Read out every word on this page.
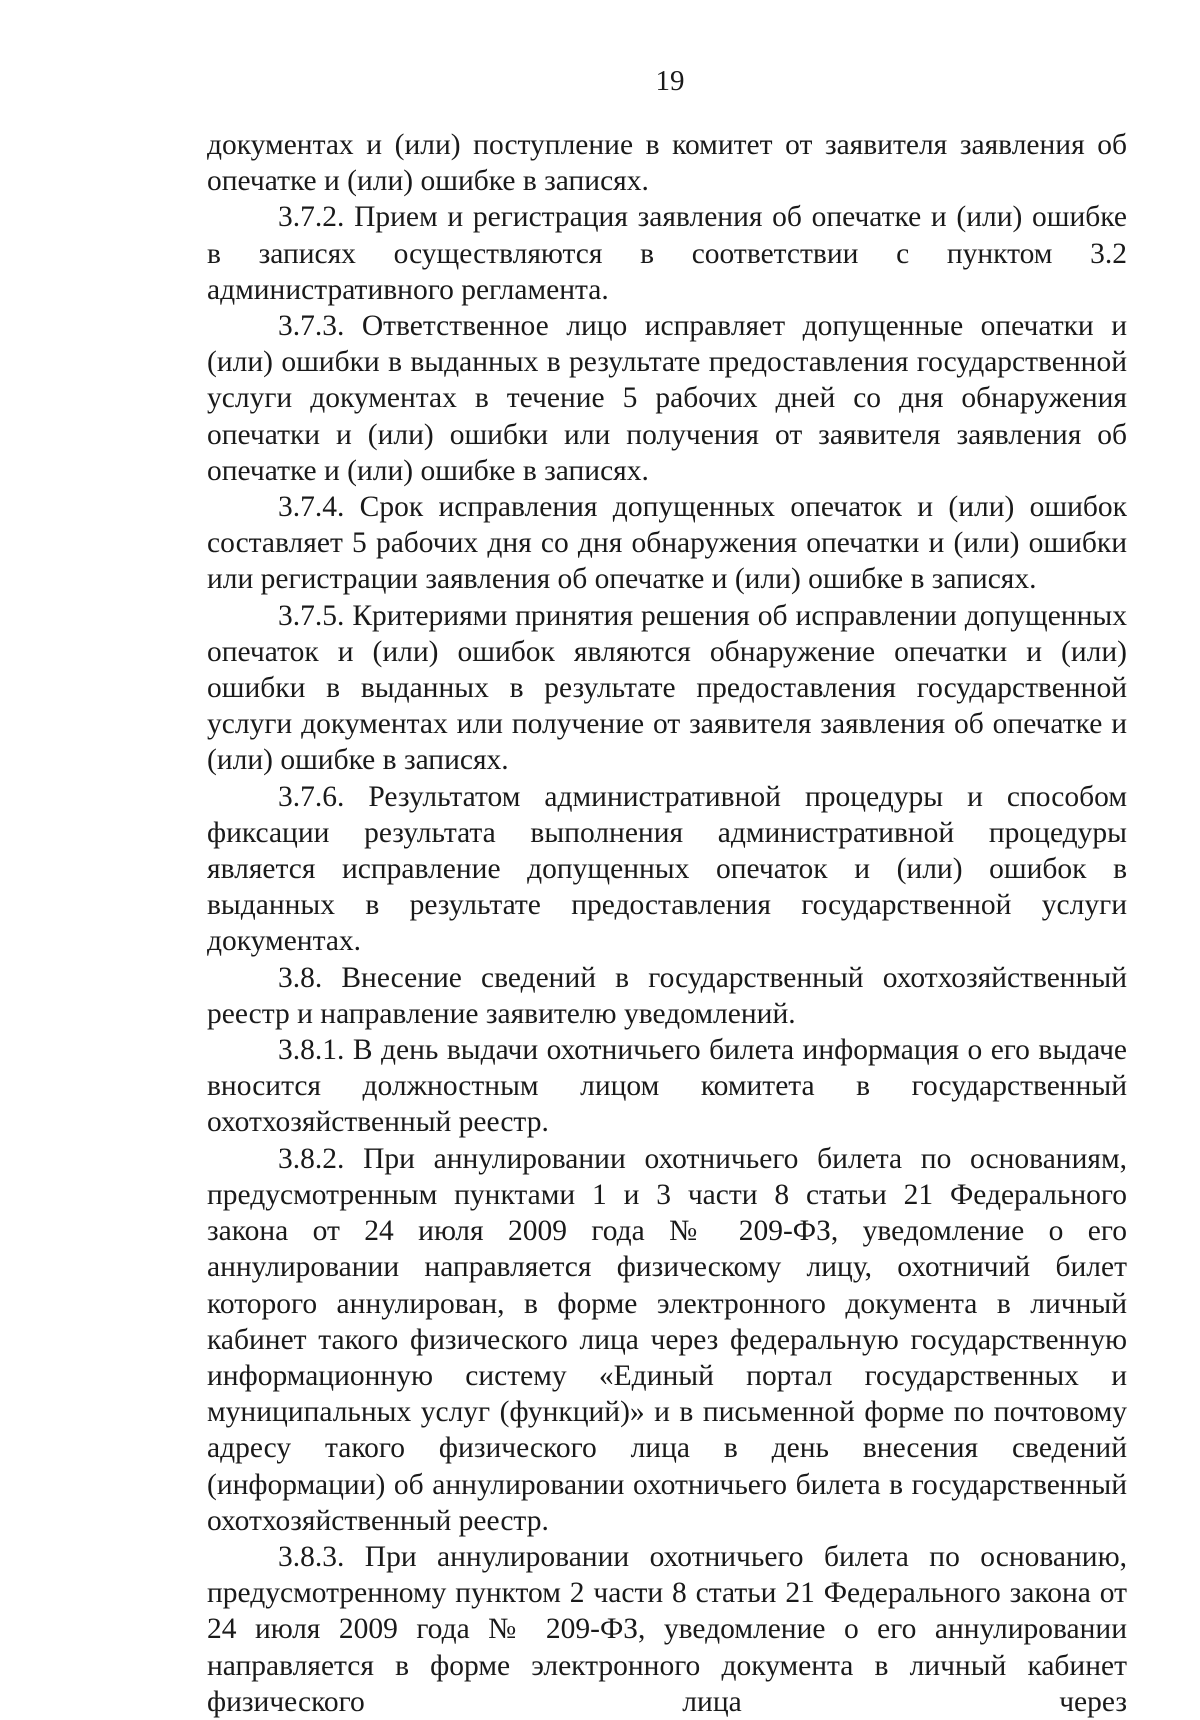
19

документах и (или) поступление в комитет от заявителя заявления об опечатке и (или) ошибке в записях.

3.7.2. Прием и регистрация заявления об опечатке и (или) ошибке в записях осуществляются в соответствии с пунктом 3.2 административного регламента.

3.7.3. Ответственное лицо исправляет допущенные опечатки и (или) ошибки в выданных в результате предоставления государственной услуги документах в течение 5 рабочих дней со дня обнаружения опечатки и (или) ошибки или получения от заявителя заявления об опечатке и (или) ошибке в записях.

3.7.4. Срок исправления допущенных опечаток и (или) ошибок составляет 5 рабочих дня со дня обнаружения опечатки и (или) ошибки или регистрации заявления об опечатке и (или) ошибке в записях.

3.7.5. Критериями принятия решения об исправлении допущенных опечаток и (или) ошибок являются обнаружение опечатки и (или) ошибки в выданных в результате предоставления государственной услуги документах или получение от заявителя заявления об опечатке и (или) ошибке в записях.

3.7.6. Результатом административной процедуры и способом фиксации результата выполнения административной процедуры является исправление допущенных опечаток и (или) ошибок в выданных в результате предоставления государственной услуги документах.

3.8. Внесение сведений в государственный охотхозяйственный реестр и направление заявителю уведомлений.

3.8.1. В день выдачи охотничьего билета информация о его выдаче вносится должностным лицом комитета в государственный охотхозяйственный реестр.

3.8.2. При аннулировании охотничьего билета по основаниям, предусмотренным пунктами 1 и 3 части 8 статьи 21 Федерального закона от 24 июля 2009 года № 209-ФЗ, уведомление о его аннулировании направляется физическому лицу, охотничий билет которого аннулирован, в форме электронного документа в личный кабинет такого физического лица через федеральную государственную информационную систему «Единый портал государственных и муниципальных услуг (функций)» и в письменной форме по почтовому адресу такого физического лица в день внесения сведений (информации) об аннулировании охотничьего билета в государственный охотхозяйственный реестр.

3.8.3. При аннулировании охотничьего билета по основанию, предусмотренному пунктом 2 части 8 статьи 21 Федерального закона от 24 июля 2009 года № 209-ФЗ, уведомление о его аннулировании направляется в форме электронного документа в личный кабинет физического лица через
